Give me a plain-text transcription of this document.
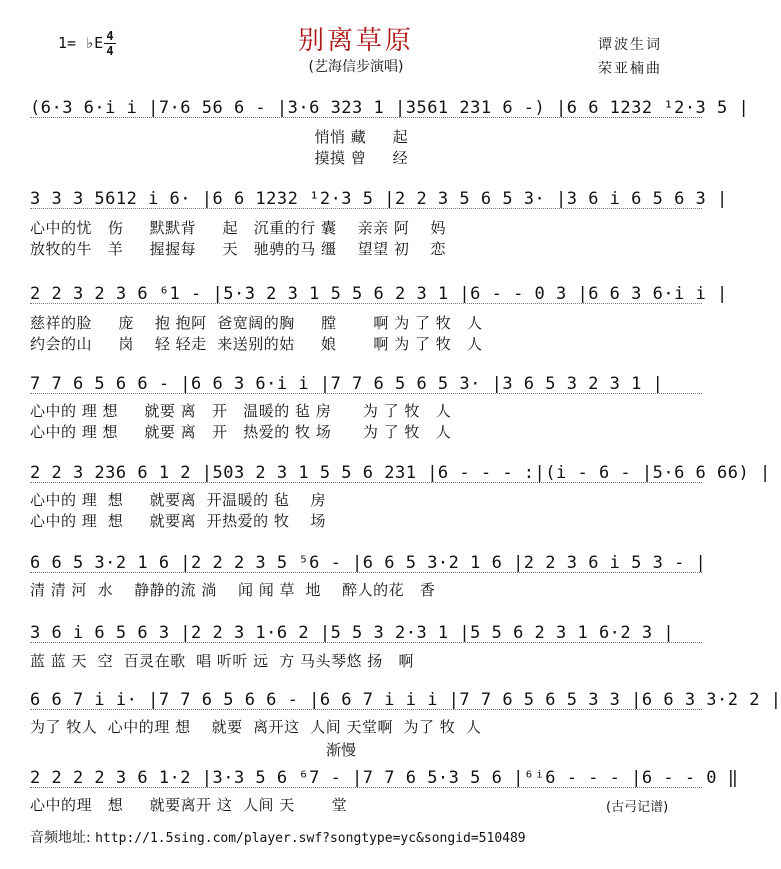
1= ♭E 4
4	别离草原
(艺海信步演唱)
谭波生词
荣亚楠曲
(6·3 6·i i |7·6 56 6 - |3·6 323 1 |3561 231 6 -) |6 6 1232 ¹2·3 5 |
悄悄 藏     起
摸摸 曾     经
3 3 3 5612 i 6· |6 6 1232 ¹2·3 5 |2 2 3 5 6 5 3· |3 6 i 6 5 6 3 |
心中的忧   伤     默默背     起   沉重的行 囊    亲亲 阿    妈
放牧的牛   羊     握握每     天   驰骋的马 缰    望望 初    恋
2 2 3 2 3 6 ⁶1 - |5·3 2 3 1 5 5 6 2 3 1 |6 - - 0 3 |6 6 3 6·i i |
慈祥的脸     庞    抱 抱阿  爸宽阔的胸     膛       啊 为 了 牧   人
约会的山     岗    轻 轻走  来送别的姑     娘       啊 为 了 牧   人
7 7 6 5 6 6 - |6 6 3 6·i i |7 7 6 5 6 5 3· |3 6 5 3 2 3 1 |
心中的 理 想     就要 离   开   温暖的 毡 房      为 了 牧   人
心中的 理 想     就要 离   开   热爱的 牧 场      为 了 牧   人
2 2 3 236 6 1 2 |503 2 3 1 5 5 6 231 |6 - - - :|(i - 6 - |5·6 6 66) |
心中的 理  想     就要离  开温暖的 毡    房
心中的 理  想     就要离  开热爱的 牧    场
6 6 5 3·2 1 6 |2 2 2 3 5 ⁵6 - |6 6 5 3·2 1 6 |2 2 3 6 i 5 3 - |
清 清 河  水    静静的流 淌    闻 闻 草  地    醉人的花   香
3 6 i 6 5 6 3 |2 2 3 1·6 2 |5 5 3 2·3 1 |5 5 6 2 3 1 6·2 3 |
蓝 蓝 天  空  百灵在歌  唱 听听 远  方 马头琴悠 扬   啊
6 6 7 i i· |7 7 6 5 6 6 - |6 6 7 i i i |7 7 6 5 6 5 3 3 |6 6 3 3·2 2 |
为了 牧人  心中的理 想    就要  离开这  人间 天堂啊  为了 牧  人
渐慢
2 2 2 2 3 6 1·2 |3·3 5 6 ⁶7 - |7 7 6 5·3 5 6 |⁶ⁱ6 - - - |6 - - 0 ‖
心中的理   想     就要离开 这  人间 天       堂	(古弓记谱)
音频地址: http://1.5sing.com/player.swf?songtype=yc&songid=510489
